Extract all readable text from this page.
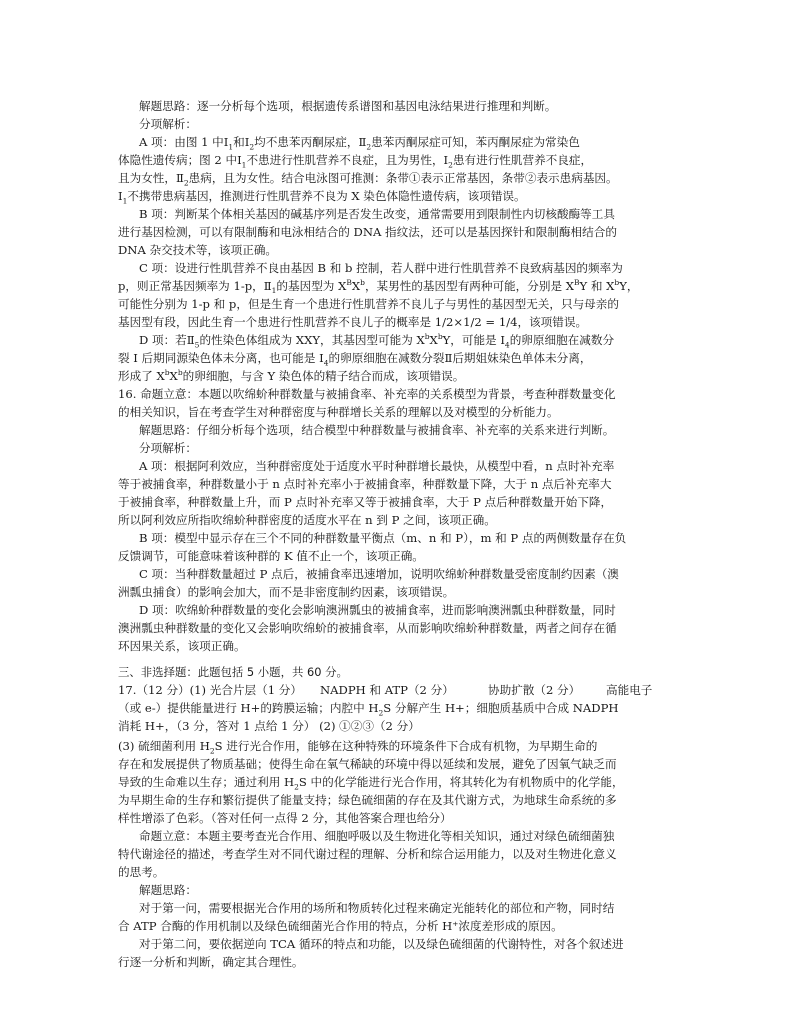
解题思路：逐一分析每个选项，根据遗传系谱图和基因电泳结果进行推理和判断。
分项解析：
A 项：由图 1 中$Ⅰ_1$和$Ⅰ_2$均不患苯丙酮尿症，$Ⅱ_2$患苯丙酮尿症可知，苯丙酮尿症为常染色
体隐性遗传病；图 2 中$Ⅰ_1$不患进行性肌营养不良症，且为男性，$Ⅰ_2$患有进行性肌营养不良症，
且为女性，$Ⅱ_2$患病，且为女性。结合电泳图可推测：条带①表示正常基因，条带②表示患病基因。
$Ⅰ_1$不携带患病基因，推测进行性肌营养不良为 X 染色体隐性遗传病，该项错误。
B 项：判断某个体相关基因的碱基序列是否发生改变，通常需要用到限制性内切核酸酶等工具
进行基因检测，可以有限制酶和电泳相结合的 DNA 指纹法，还可以是基因探针和限制酶相结合的
DNA 杂交技术等，该项正确。
C 项：设进行性肌营养不良由基因 B 和 b 控制，若人群中进行性肌营养不良致病基因的频率为
p，则正常基因频率为 1-p，$Ⅱ_1$的基因型为 $X^BX^b$，某男性的基因型有两种可能，分别是 $X^BY$ 和 $X^bY$，
可能性分别为 1-p 和 p，但是生育一个患进行性肌营养不良儿子与男性的基因型无关，只与母亲的
基因型有段，因此生育一个患进行性肌营养不良儿子的概率是 1/2×1/2 = 1/4，该项错误。
D 项：若$Ⅱ_5$的性染色体组成为 XXY，其基因型可能为 $X^bX^bY$，可能是 $I_4$的卵原细胞在减数分
裂 I 后期同源染色体未分离，也可能是 $I_4$的卵原细胞在减数分裂Ⅱ后期姐妹染色单体未分离，
形成了 $X^bX^b$的卵细胞，与含 Y 染色体的精子结合而成，该项错误。
16. 命题立意：本题以吹绵蚧种群数量与被捕食率、补充率的关系模型为背景，考查种群数量变化
的相关知识，旨在考查学生对种群密度与种群增长关系的理解以及对模型的分析能力。
解题思路：仔细分析每个选项，结合模型中种群数量与被捕食率、补充率的关系来进行判断。
分项解析：
A 项：根据阿利效应，当种群密度处于适度水平时种群增长最快，从模型中看，n 点时补充率
等于被捕食率，种群数量小于 n 点时补充率小于被捕食率，种群数量下降，大于 n 点后补充率大
于被捕食率，种群数量上升，而 P 点时补充率又等于被捕食率，大于 P 点后种群数量开始下降，
所以阿利效应所指吹绵蚧种群密度的适度水平在 n 到 P 之间，该项正确。
B 项：模型中显示存在三个不同的种群数量平衡点（m、n 和 P），m 和 P 点的两侧数量存在负
反馈调节，可能意味着该种群的 K 值不止一个，该项正确。
C 项：当种群数量超过 P 点后，被捕食率迅速增加，说明吹绵蚧种群数量受密度制约因素（澳
洲瓢虫捕食）的影响会加大，而不是非密度制约因素，该项错误。
D 项：吹绵蚧种群数量的变化会影响澳洲瓢虫的被捕食率，进而影响澳洲瓢虫种群数量，同时
澳洲瓢虫种群数量的变化又会影响吹绵蚧的被捕食率，从而影响吹绵蚧种群数量，两者之间存在循
环因果关系，该项正确。
三、非选择题：此题包括 5 小题，共 60 分。
17.（12 分）(1) 光合片层（1 分） NADPH 和 ATP（2 分）	协助扩散（2 分） 高能电子
（或 e-）提供能量进行 H+的跨膜运输；内腔中 $H_2S$ 分解产生 H+；细胞质基质中合成 NADPH
消耗 H+，（3 分，答对 1 点给 1 分） (2) ①②③（2 分）
(3) 硫细菌利用 $H_2S$ 进行光合作用，能够在这种特殊的环境条件下合成有机物，为早期生命的
存在和发展提供了物质基础；使得生命在氧气稀缺的环境中得以延续和发展，避免了因氧气缺乏而
导致的生命难以生存；通过利用 $H_2S$ 中的化学能进行光合作用，将其转化为有机物质中的化学能，
为早期生命的生存和繁衍提供了能量支持；绿色硫细菌的存在及其代谢方式，为地球生命系统的多
样性增添了色彩。（答对任何一点得 2 分，其他答案合理也给分）
命题立意：本题主要考查光合作用、细胞呼吸以及生物进化等相关知识，通过对绿色硫细菌独
特代谢途径的描述，考查学生对不同代谢过程的理解、分析和综合运用能力，以及对生物进化意义
的思考。
解题思路：
对于第一问，需要根据光合作用的场所和物质转化过程来确定光能转化的部位和产物，同时结
合 ATP 合酶的作用机制以及绿色硫细菌光合作用的特点，分析 H⁺浓度差形成的原因。
对于第二问，要依据逆向 TCA 循环的特点和功能，以及绿色硫细菌的代谢特性，对各个叙述进
行逐一分析和判断，确定其合理性。
